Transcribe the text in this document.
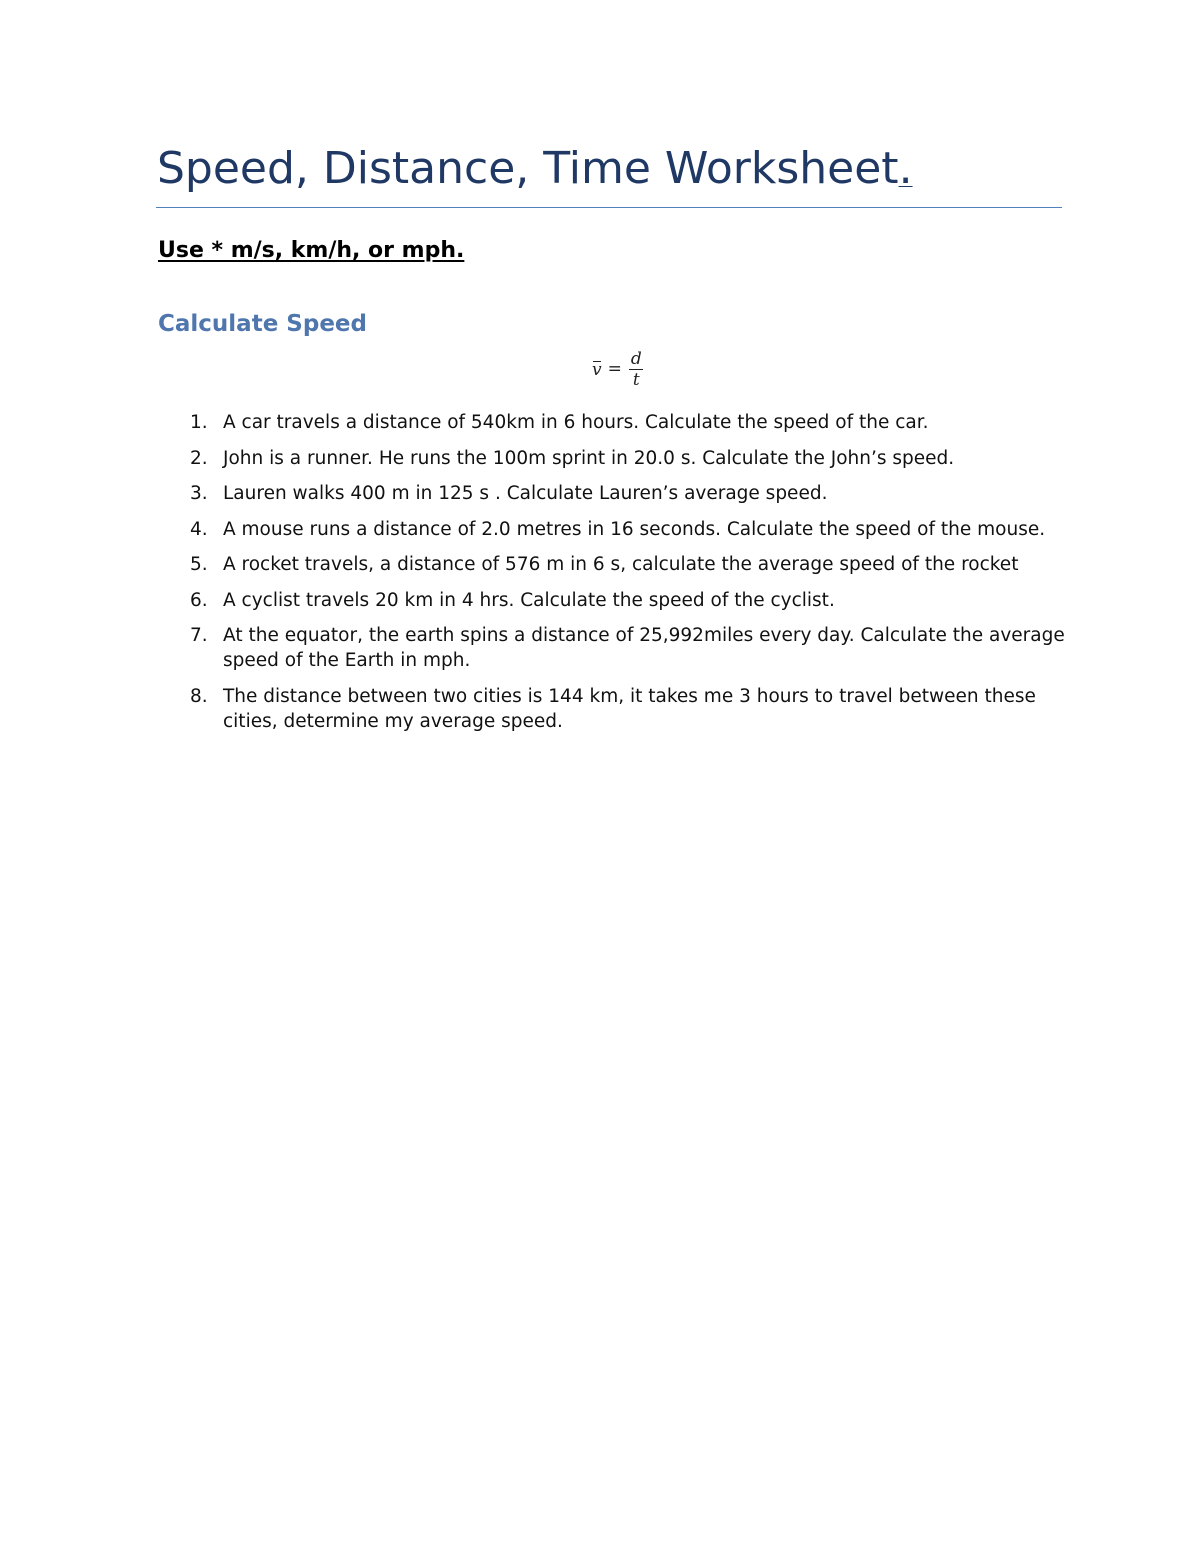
Speed, Distance, Time Worksheet.

Use * m/s, km/h, or mph.

Calculate Speed
$v = \frac{d}{t}$
1. A car travels a distance of 540km in 6 hours. Calculate the speed of the car.
2. John is a runner. He runs the 100m sprint in 20.0 s. Calculate the John’s speed.
3. Lauren walks 400 m in 125 s . Calculate Lauren’s average speed.
4. A mouse runs a distance of 2.0 metres in 16 seconds. Calculate the speed of the mouse.
5. A rocket travels, a distance of 576 m in 6 s, calculate the average speed of the rocket
6. A cyclist travels 20 km in 4 hrs. Calculate the speed of the cyclist.
7. At the equator, the earth spins a distance of 25,992miles every day. Calculate the average speed of the Earth in mph.
8. The distance between two cities is 144 km, it takes me 3 hours to travel between these cities, determine my average speed.
